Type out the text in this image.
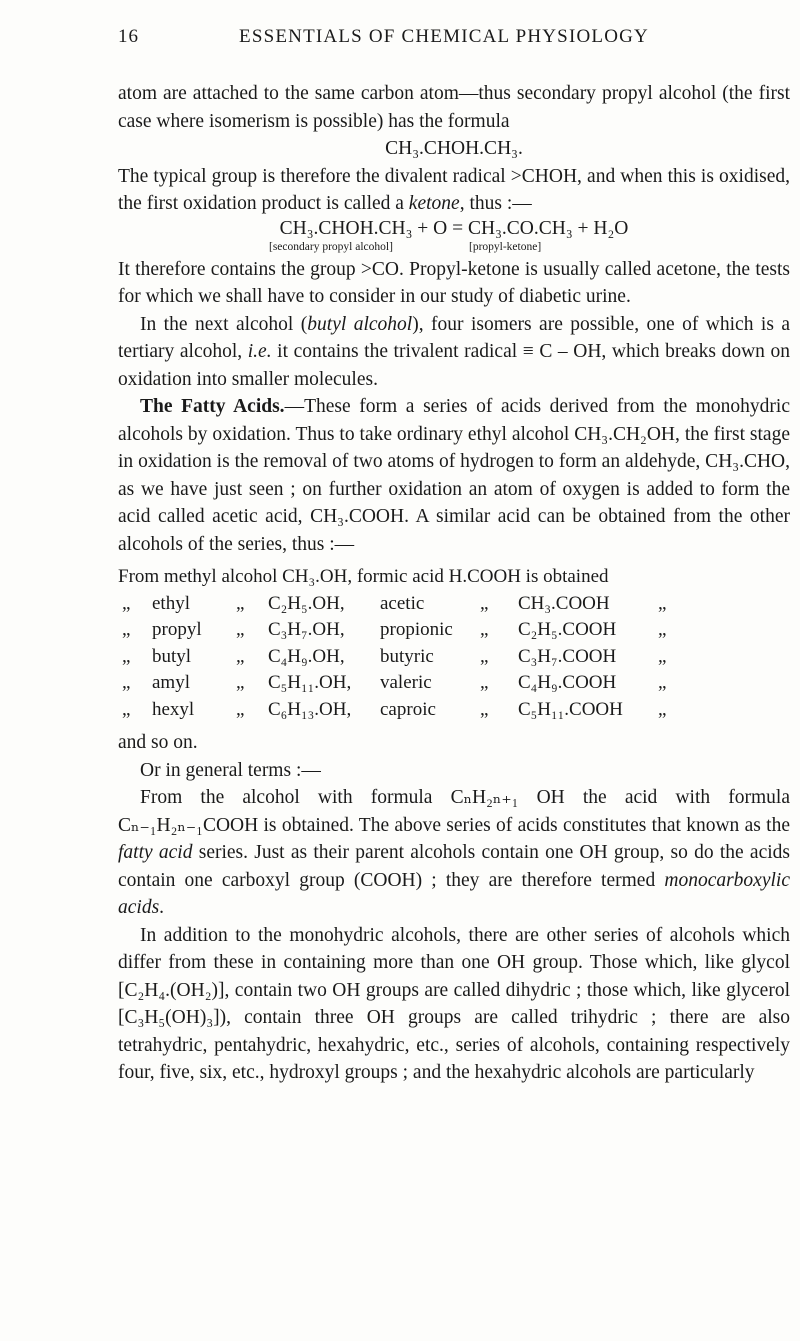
16	ESSENTIALS OF CHEMICAL PHYSIOLOGY

atom are attached to the same carbon atom—thus secondary propyl alcohol (the first case where isomerism is possible) has the formula

CH₃.CHOH.CH₃.

The typical group is therefore the divalent radical >CHOH, and when this is oxidised, the first oxidation product is called a ketone, thus :—

CH₃.CHOH.CH₃ + O = CH₃.CO.CH₃ + H₂O
[secondary propyl alcohol]	[propyl-ketone]

It therefore contains the group >CO. Propyl-ketone is usually called acetone, the tests for which we shall have to consider in our study of diabetic urine.

In the next alcohol (butyl alcohol), four isomers are possible, one of which is a tertiary alcohol, i.e. it contains the trivalent radical ≡ C – OH, which breaks down on oxidation into smaller molecules.

The Fatty Acids.—These form a series of acids derived from the monohydric alcohols by oxidation. Thus to take ordinary ethyl alcohol CH₃.CH₂OH, the first stage in oxidation is the removal of two atoms of hydrogen to form an aldehyde, CH₃.CHO, as we have just seen ; on further oxidation an atom of oxygen is added to form the acid called acetic acid, CH₃.COOH. A similar acid can be obtained from the other alcohols of the series, thus :—

From methyl alcohol CH₃.OH, formic acid H.COOH is obtained
„	ethyl	„	C₂H₅.OH,	acetic	„	CH₃.COOH	„
„	propyl	„	C₃H₇.OH,	propionic	„	C₂H₅.COOH	„
„	butyl	„	C₄H₉.OH,	butyric	„	C₃H₇.COOH	„
„	amyl	„	C₅H₁₁.OH,	valeric	„	C₄H₉.COOH	„
„	hexyl	„	C₆H₁₃.OH,	caproic	„	C₅H₁₁.COOH	„

and so on.

Or in general terms :—

From the alcohol with formula CₙH₂ₙ₊₁ OH the acid with formula Cₙ₋₁H₂ₙ₋₁COOH is obtained. The above series of acids constitutes that known as the fatty acid series. Just as their parent alcohols contain one OH group, so do the acids contain one carboxyl group (COOH) ; they are therefore termed monocarboxylic acids.

In addition to the monohydric alcohols, there are other series of alcohols which differ from these in containing more than one OH group. Those which, like glycol [C₂H₄.(OH₂)], contain two OH groups are called dihydric ; those which, like glycerol [C₃H₅(OH)₃]), contain three OH groups are called trihydric ; there are also tetrahydric, pentahydric, hexahydric, etc., series of alcohols, containing respectively four, five, six, etc., hydroxyl groups ; and the hexahydric alcohols are particularly
